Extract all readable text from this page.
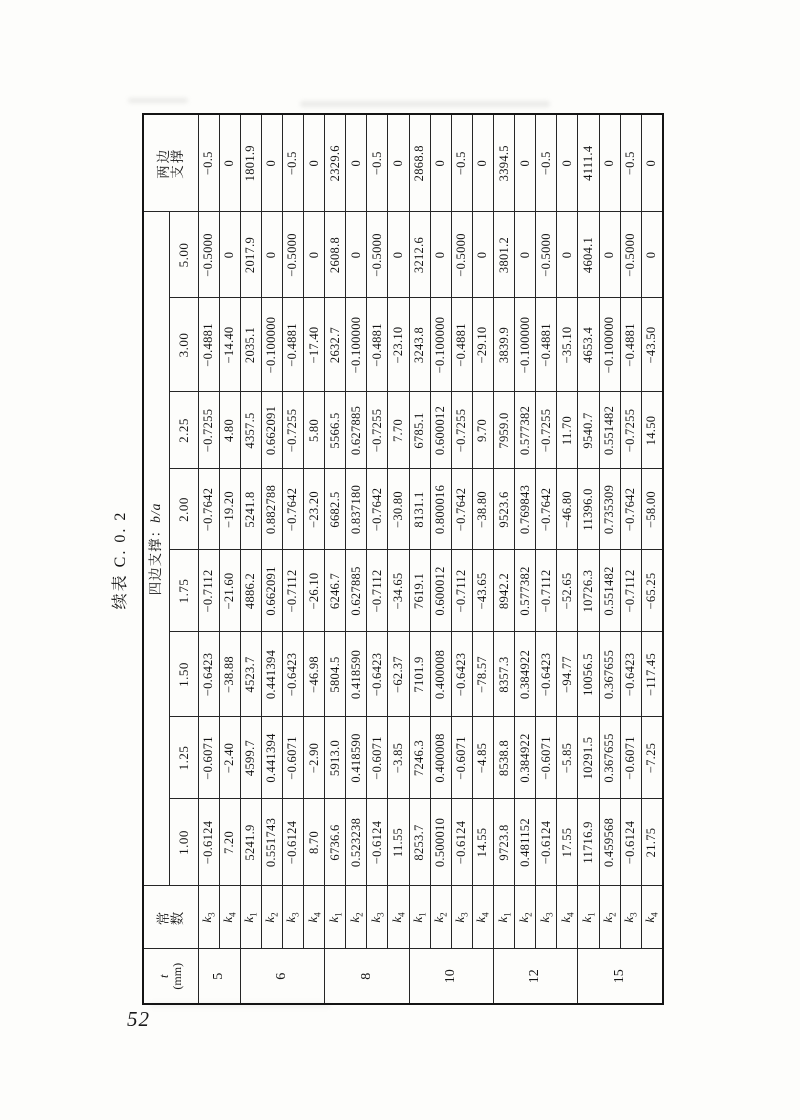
续表 C. 0. 2
t (mm)	常 数	四边支撑：b/a								两边 支撑

		1.00	1.25	1.50	1.75	2.00	2.25	3.00	5.00	
5	$k_3$	−0.6124	−0.6071	−0.6423	−0.7112	−0.7642	−0.7255	−0.4881	−0.5000	−0.5
	$k_4$	7.20	−2.40	−38.88	−21.60	−19.20	4.80	−14.40	0	0
6	$k_1$	5241.9	4599.7	4523.7	4886.2	5241.8	4357.5	2035.1	2017.9	1801.9
	$k_2$	0.551743	0.441394	0.441394	0.662091	0.882788	0.662091	−0.100000	0	0
	$k_3$	−0.6124	−0.6071	−0.6423	−0.7112	−0.7642	−0.7255	−0.4881	−0.5000	−0.5
	$k_4$	8.70	−2.90	−46.98	−26.10	−23.20	5.80	−17.40	0	0
8	$k_1$	6736.6	5913.0	5804.5	6246.7	6682.5	5566.5	2632.7	2608.8	2329.6
	$k_2$	0.523238	0.418590	0.418590	0.627885	0.837180	0.627885	−0.100000	0	0
	$k_3$	−0.6124	−0.6071	−0.6423	−0.7112	−0.7642	−0.7255	−0.4881	−0.5000	−0.5
	$k_4$	11.55	−3.85	−62.37	−34.65	−30.80	7.70	−23.10	0	0
10	$k_1$	8253.7	7246.3	7101.9	7619.1	8131.1	6785.1	3243.8	3212.6	2868.8
	$k_2$	0.500010	0.400008	0.400008	0.600012	0.800016	0.600012	−0.100000	0	0
	$k_3$	−0.6124	−0.6071	−0.6423	−0.7112	−0.7642	−0.7255	−0.4881	−0.5000	−0.5
	$k_4$	14.55	−4.85	−78.57	−43.65	−38.80	9.70	−29.10	0	0
12	$k_1$	9723.8	8538.8	8357.3	8942.2	9523.6	7959.0	3839.9	3801.2	3394.5
	$k_2$	0.481152	0.384922	0.384922	0.577382	0.769843	0.577382	−0.100000	0	0
	$k_3$	−0.6124	−0.6071	−0.6423	−0.7112	−0.7642	−0.7255	−0.4881	−0.5000	−0.5
	$k_4$	17.55	−5.85	−94.77	−52.65	−46.80	11.70	−35.10	0	0
15	$k_1$	11716.9	10291.5	10056.5	10726.3	11396.0	9540.7	4653.4	4604.1	4111.4
	$k_2$	0.459568	0.367655	0.367655	0.551482	0.735309	0.551482	−0.100000	0	0
	$k_3$	−0.6124	−0.6071	−0.6423	−0.7112	−0.7642	−0.7255	−0.4881	−0.5000	−0.5
	$k_4$	21.75	−7.25	−117.45	−65.25	−58.00	14.50	−43.50	0	0
52
